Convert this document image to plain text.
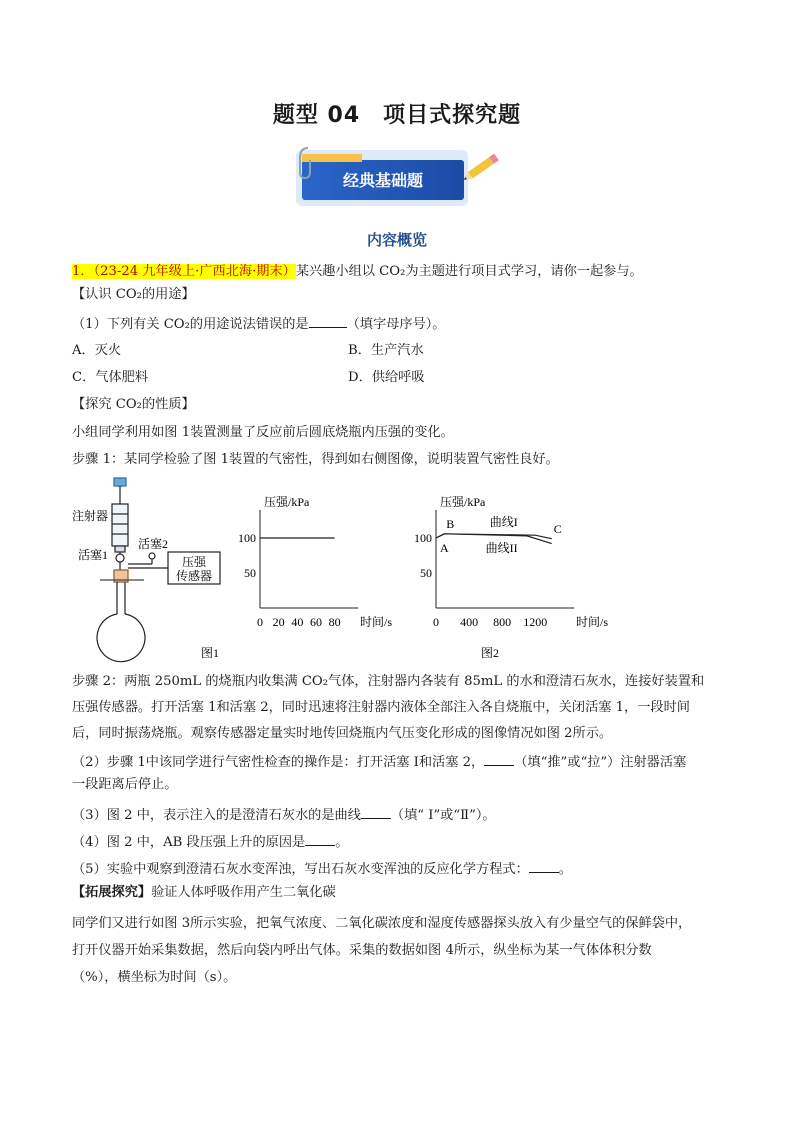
题型 04　项目式探究题
经典基础题
内容概览
1．（23-24 九年级上·广西北海·期末）某兴趣小组以 CO₂为主题进行项目式学习，请你一起参与。
【认识 CO₂的用途】
（1）下列有关 CO₂的用途说法错误的是	（填字母序号）。
A．灭火	B．生产汽水
C．气体肥料	D．供给呼吸
【探究 CO₂的性质】
小组同学利用如图 1装置测量了反应前后圆底烧瓶内压强的变化。
步骤 1：某同学检验了图 1装置的气密性，得到如右侧图像，说明装置气密性良好。
注射器
活塞1
活塞2
压强
传感器
图1
压强/kPa
时间/s
50
100
0 20 40 60 80
压强/kPa
时间/s
50
100
0 400 800 1200
A
B	C
曲线I
曲线II
图2
步骤 2：两瓶 250mL 的烧瓶内收集满 CO₂气体，注射器内各装有 85mL 的水和澄清石灰水，连接好装置和
压强传感器。打开活塞 1和活塞 2，同时迅速将注射器内液体全部注入各自烧瓶中，关闭活塞 1，一段时间
后，同时振荡烧瓶。观察传感器定量实时地传回烧瓶内气压变化形成的图像情况如图 2所示。
（2）步骤 1中该同学进行气密性检查的操作是：打开活塞 Ⅰ和活塞 2， （填“推”或“拉”）注射器活塞
一段距离后停止。
（3）图 2 中，表示注入的是澄清石灰水的是曲线 （填“ Ⅰ”或“Ⅱ”）。
（4）图 2 中，AB 段压强上升的原因是 。
（5）实验中观察到澄清石灰水变浑浊，写出石灰水变浑浊的反应化学方程式： 。
【拓展探究】验证人体呼吸作用产生二氧化碳
同学们又进行如图 3所示实验，把氧气浓度、二氧化碳浓度和湿度传感器探头放入有少量空气的保鲜袋中，
打开仪器开始采集数据，然后向袋内呼出气体。采集的数据如图 4所示，纵坐标为某一气体体积分数
（%），横坐标为时间（s）。
